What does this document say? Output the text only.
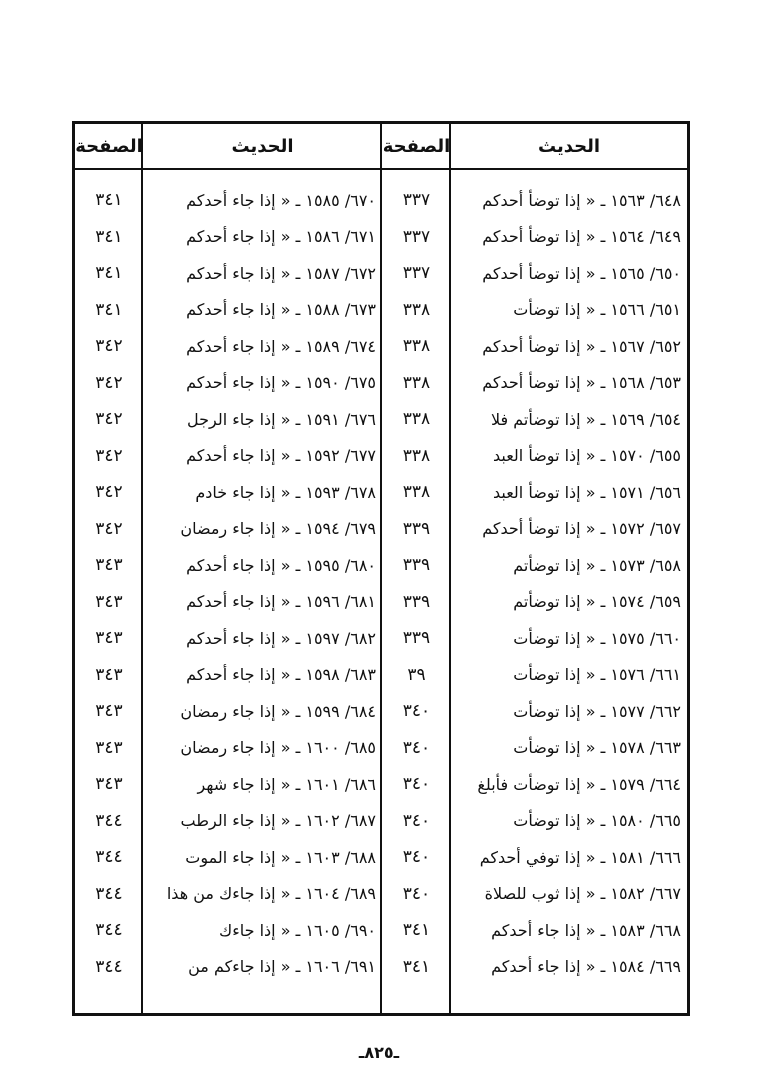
الحديث
الصفحة
الحديث
الصفحة
٦٤٨/ ١٥٦٣ ـ « إذا توضأ أحدكم
٣٣٧
٦٧٠/ ١٥٨٥ ـ « إذا جاء أحدكم
٣٤١
٦٤٩/ ١٥٦٤ ـ « إذا توضأ أحدكم
٣٣٧
٦٧١/ ١٥٨٦ ـ « إذا جاء أحدكم
٣٤١
٦٥٠/ ١٥٦٥ ـ « إذا توضأ أحدكم
٣٣٧
٦٧٢/ ١٥٨٧ ـ « إذا جاء أحدكم
٣٤١
٦٥١/ ١٥٦٦ ـ « إذا توضأت
٣٣٨
٦٧٣/ ١٥٨٨ ـ « إذا جاء أحدكم
٣٤١
٦٥٢/ ١٥٦٧ ـ « إذا توضأ أحدكم
٣٣٨
٦٧٤/ ١٥٨٩ ـ « إذا جاء أحدكم
٣٤٢
٦٥٣/ ١٥٦٨ ـ « إذا توضأ أحدكم
٣٣٨
٦٧٥/ ١٥٩٠ ـ « إذا جاء أحدكم
٣٤٢
٦٥٤/ ١٥٦٩ ـ « إذا توضأتم فلا
٣٣٨
٦٧٦/ ١٥٩١ ـ « إذا جاء الرجل
٣٤٢
٦٥٥/ ١٥٧٠ ـ « إذا توضأ العبد
٣٣٨
٦٧٧/ ١٥٩٢ ـ « إذا جاء أحدكم
٣٤٢
٦٥٦/ ١٥٧١ ـ « إذا توضأ العبد
٣٣٨
٦٧٨/ ١٥٩٣ ـ « إذا جاء خادم
٣٤٢
٦٥٧/ ١٥٧٢ ـ « إذا توضأ أحدكم
٣٣٩
٦٧٩/ ١٥٩٤ ـ « إذا جاء رمضان
٣٤٢
٦٥٨/ ١٥٧٣ ـ « إذا توضأتم
٣٣٩
٦٨٠/ ١٥٩٥ ـ « إذا جاء أحدكم
٣٤٣
٦٥٩/ ١٥٧٤ ـ « إذا توضأتم
٣٣٩
٦٨١/ ١٥٩٦ ـ « إذا جاء أحدكم
٣٤٣
٦٦٠/ ١٥٧٥ ـ « إذا توضأت
٣٣٩
٦٨٢/ ١٥٩٧ ـ « إذا جاء أحدكم
٣٤٣
٦٦١/ ١٥٧٦ ـ « إذا توضأت
٣٩
٦٨٣/ ١٥٩٨ ـ « إذا جاء أحدكم
٣٤٣
٦٦٢/ ١٥٧٧ ـ « إذا توضأت
٣٤٠
٦٨٤/ ١٥٩٩ ـ « إذا جاء رمضان
٣٤٣
٦٦٣/ ١٥٧٨ ـ « إذا توضأت
٣٤٠
٦٨٥/ ١٦٠٠ ـ « إذا جاء رمضان
٣٤٣
٦٦٤/ ١٥٧٩ ـ « إذا توضأت فأبلغ
٣٤٠
٦٨٦/ ١٦٠١ ـ « إذا جاء شهر
٣٤٣
٦٦٥/ ١٥٨٠ ـ « إذا توضأت
٣٤٠
٦٨٧/ ١٦٠٢ ـ « إذا جاء الرطب
٣٤٤
٦٦٦/ ١٥٨١ ـ « إذا توفي أحدكم
٣٤٠
٦٨٨/ ١٦٠٣ ـ « إذا جاء الموت
٣٤٤
٦٦٧/ ١٥٨٢ ـ « إذا ثوب للصلاة
٣٤٠
٦٨٩/ ١٦٠٤ ـ « إذا جاءك من هذا
٣٤٤
٦٦٨/ ١٥٨٣ ـ « إذا جاء أحدكم
٣٤١
٦٩٠/ ١٦٠٥ ـ « إذا جاءك
٣٤٤
٦٦٩/ ١٥٨٤ ـ « إذا جاء أحدكم
٣٤١
٦٩١/ ١٦٠٦ ـ « إذا جاءكم من
٣٤٤
ـ٨٢٥ـ
